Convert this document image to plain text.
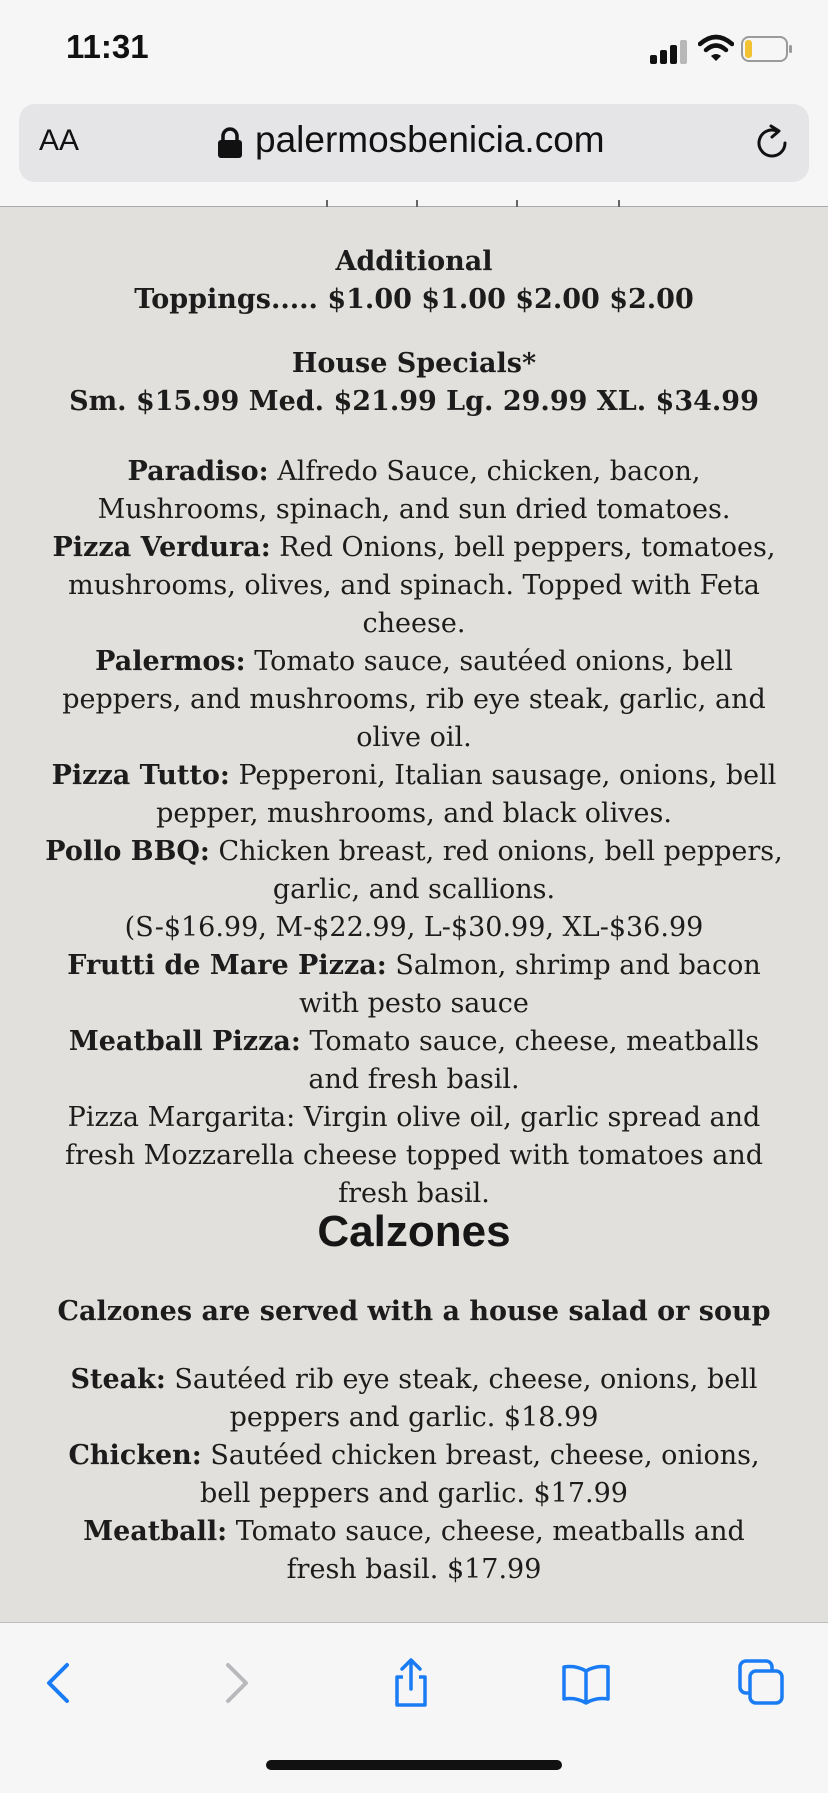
11:31
AA	palermosbenicia.com

Additional

Toppings..... $1.00 $1.00 $2.00 $2.00

House Specials*

Sm. $15.99 Med. $21.99 Lg. 29.99 XL. $34.99

Paradiso: Alfredo Sauce, chicken, bacon, Mushrooms, spinach, and sun dried tomatoes.

Pizza Verdura: Red Onions, bell peppers, tomatoes, mushrooms, olives, and spinach. Topped with Feta cheese.

Palermos: Tomato sauce, sautéed onions, bell peppers, and mushrooms, rib eye steak, garlic, and olive oil.

Pizza Tutto: Pepperoni, Italian sausage, onions, bell pepper, mushrooms, and black olives.

Pollo BBQ: Chicken breast, red onions, bell peppers, garlic, and scallions.

(S-$16.99, M-$22.99, L-$30.99, XL-$36.99

Frutti de Mare Pizza: Salmon, shrimp and bacon with pesto sauce

Meatball Pizza: Tomato sauce, cheese, meatballs and fresh basil.

Pizza Margarita: Virgin olive oil, garlic spread and fresh Mozzarella cheese topped with tomatoes and fresh basil.

Calzones

Calzones are served with a house salad or soup

Steak: Sautéed rib eye steak, cheese, onions, bell peppers and garlic. $18.99

Chicken: Sautéed chicken breast, cheese, onions, bell peppers and garlic. $17.99

Meatball: Tomato sauce, cheese, meatballs and fresh basil. $17.99
